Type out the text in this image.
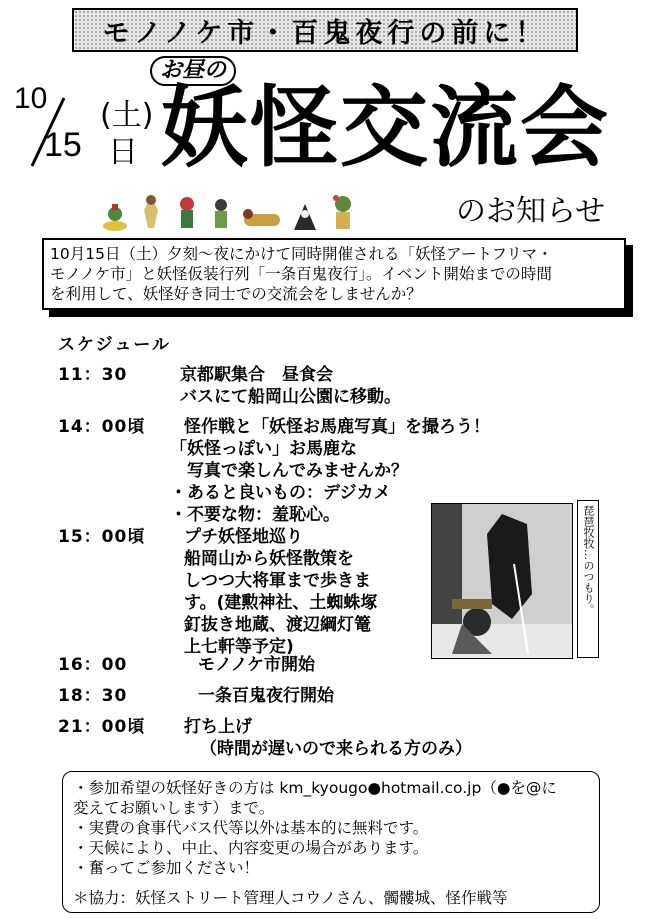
モノノケ市・百鬼夜行の前に！
10
15
(土)
日
お昼の
妖怪交流会
のお知らせ
10月15日（土）夕刻～夜にかけて同時開催される「妖怪アートフリマ・
モノノケ市」と妖怪仮装行列「一条百鬼夜行」。イベント開始までの時間
を利用して、妖怪好き同士での交流会をしませんか？
スケジュール
11：30	京都駅集合　昼食会
バスにて船岡山公園に移動。
14：00頃	怪作戦と「妖怪お馬鹿写真」を撮ろう！
「妖怪っぽい」お馬鹿な
　写真で楽しんでみませんか？
・あると良いもの：デジカメ
・不要な物：羞恥心。
15：00頃	プチ妖怪地巡り
船岡山から妖怪散策を
しつつ大将軍まで歩きま
す。(建勲神社、土蜘蛛塚
釘抜き地蔵、渡辺綱灯篭
上七軒等予定)
16：00	モノノケ市開始
18：30	一条百鬼夜行開始
21：00頃	打ち上げ
（時間が遅いので来られる方のみ）
琵琶牧牧…のつもり。
・参加希望の妖怪好きの方は km_kyougo●hotmail.co.jp（●を@に
変えてお願いします）まで。
・実費の食事代バス代等以外は基本的に無料です。
・天候により、中止、内容変更の場合があります。
・奮ってご参加ください！
＊協力：妖怪ストリート管理人コウノさん、髑髏城、怪作戦等
